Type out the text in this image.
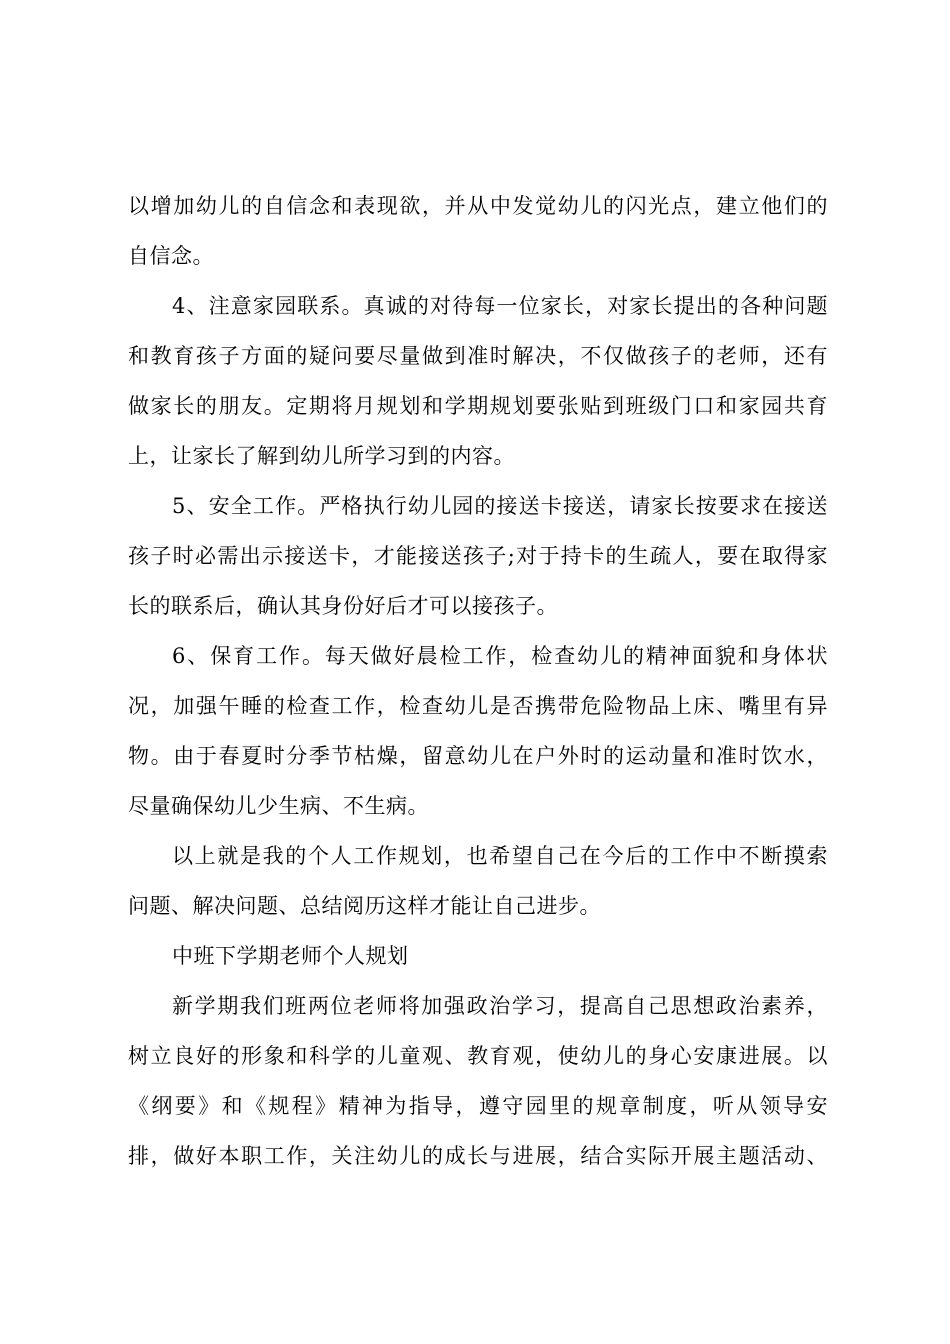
以增加幼儿的自信念和表现欲，并从中发觉幼儿的闪光点，建立他们的
自信念。
4、注意家园联系。真诚的对待每一位家长，对家长提出的各种问题
和教育孩子方面的疑问要尽量做到准时解决，不仅做孩子的老师，还有
做家长的朋友。定期将月规划和学期规划要张贴到班级门口和家园共育
上，让家长了解到幼儿所学习到的内容。
5、安全工作。严格执行幼儿园的接送卡接送，请家长按要求在接送
孩子时必需出示接送卡，才能接送孩子;对于持卡的生疏人，要在取得家
长的联系后，确认其身份好后才可以接孩子。
6、保育工作。每天做好晨检工作，检查幼儿的精神面貌和身体状
况，加强午睡的检查工作，检查幼儿是否携带危险物品上床、嘴里有异
物。由于春夏时分季节枯燥，留意幼儿在户外时的运动量和准时饮水，
尽量确保幼儿少生病、不生病。
以上就是我的个人工作规划，也希望自己在今后的工作中不断摸索
问题、解决问题、总结阅历这样才能让自己进步。
中班下学期老师个人规划
新学期我们班两位老师将加强政治学习，提高自己思想政治素养，
树立良好的形象和科学的儿童观、教育观，使幼儿的身心安康进展。以
《纲要》和《规程》精神为指导，遵守园里的规章制度，听从领导安
排，做好本职工作，关注幼儿的成长与进展，结合实际开展主题活动、
